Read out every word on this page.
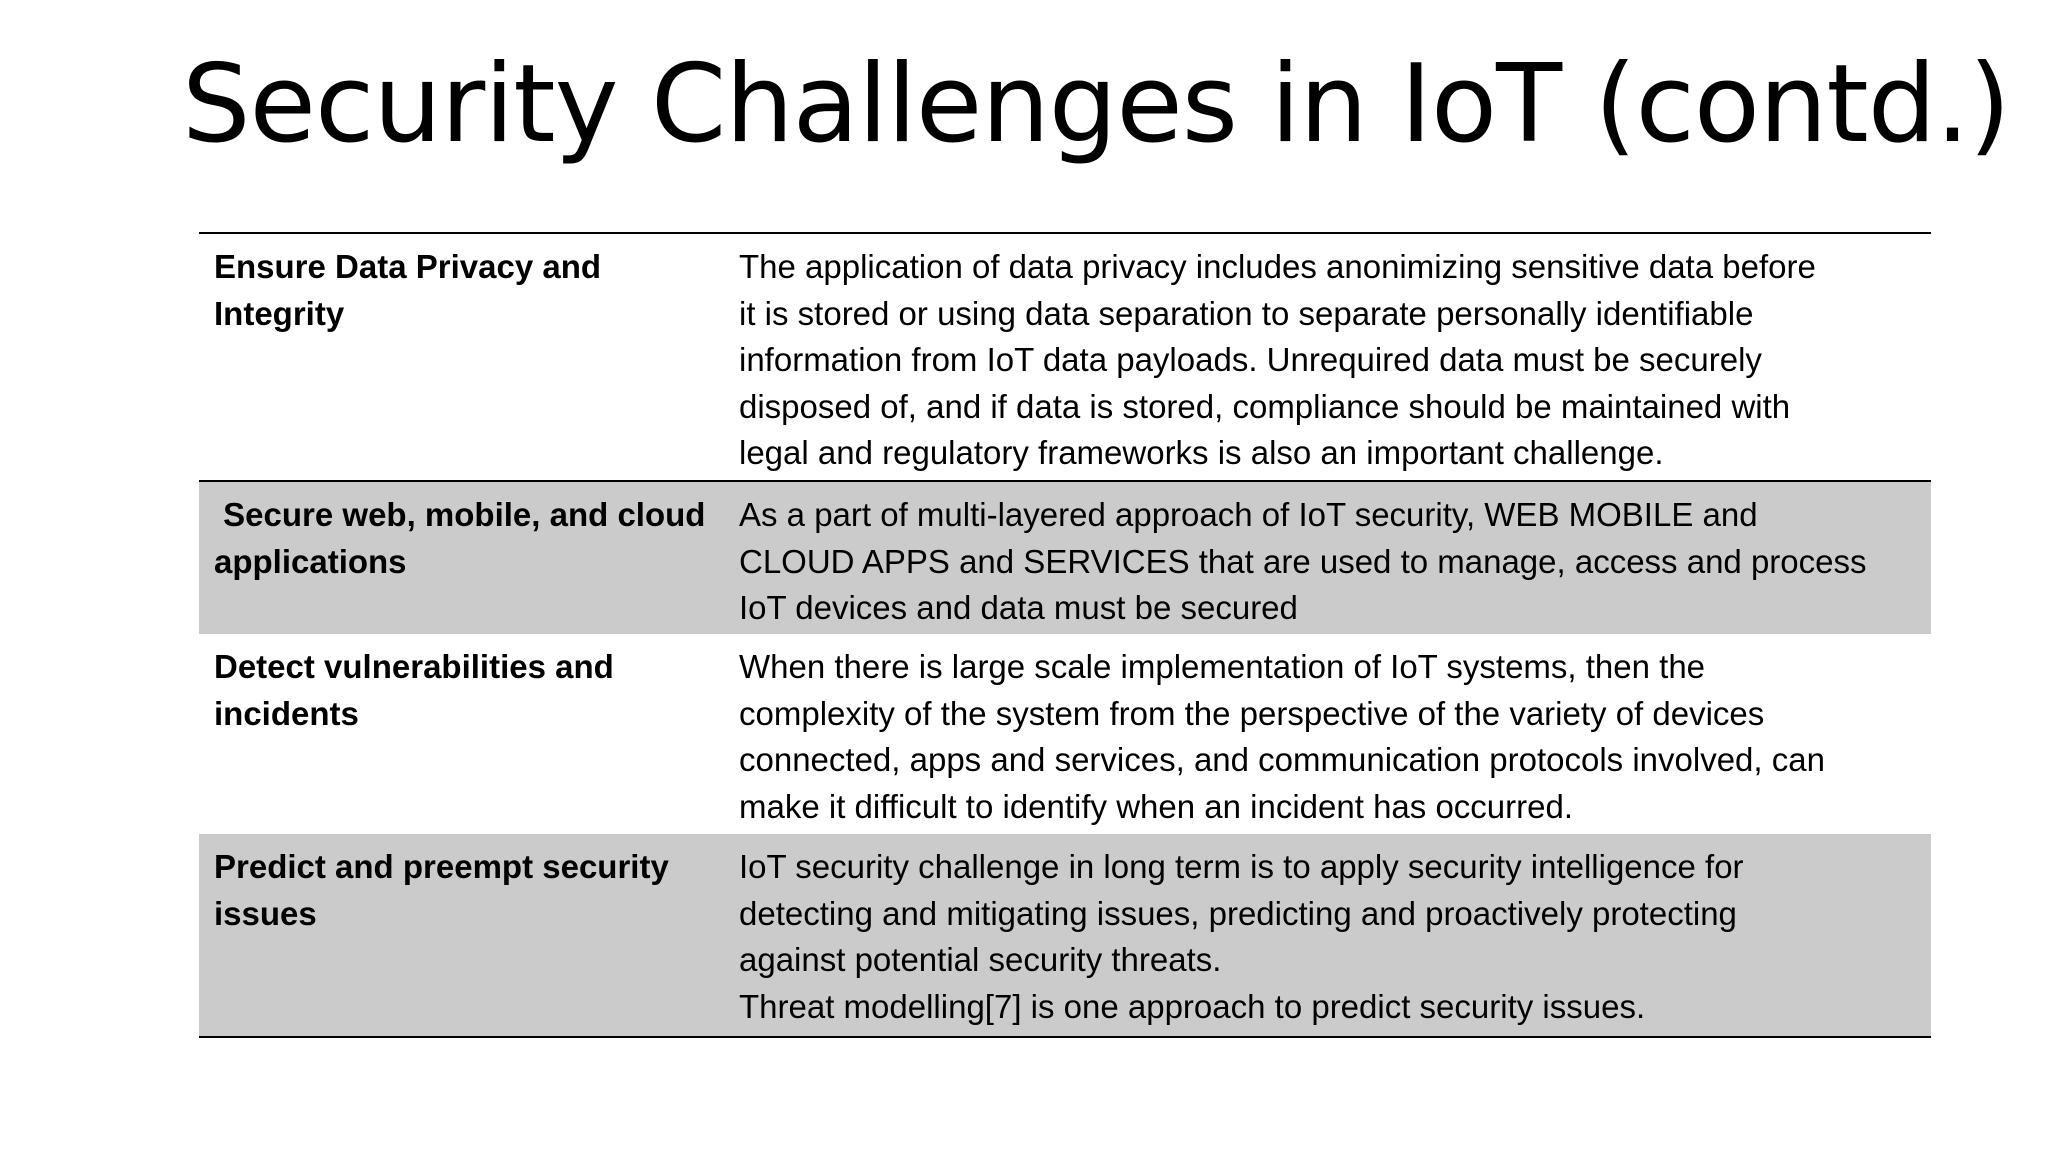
Security Challenges in IoT (contd.)
Ensure Data Privacy and Integrity
The application of data privacy includes anonimizing sensitive data before
it is stored or using data separation to separate personally identifiable
information from IoT data payloads. Unrequired data must be securely
disposed of, and if data is stored, compliance should be maintained with
legal and regulatory frameworks is also an important challenge.
Secure web, mobile, and cloud applications
As a part of multi-layered approach of IoT security, WEB MOBILE and
CLOUD APPS and SERVICES that are used to manage, access and process
IoT devices and data must be secured
Detect vulnerabilities and incidents
When there is large scale implementation of IoT systems, then the
complexity of the system from the perspective of the variety of devices
connected, apps and services, and communication protocols involved, can
make it difficult to identify when an incident has occurred.
Predict and preempt security issues
IoT security challenge in long term is to apply security intelligence for
detecting and mitigating issues, predicting and proactively protecting
against potential security threats.
Threat modelling[7] is one approach to predict security issues.
